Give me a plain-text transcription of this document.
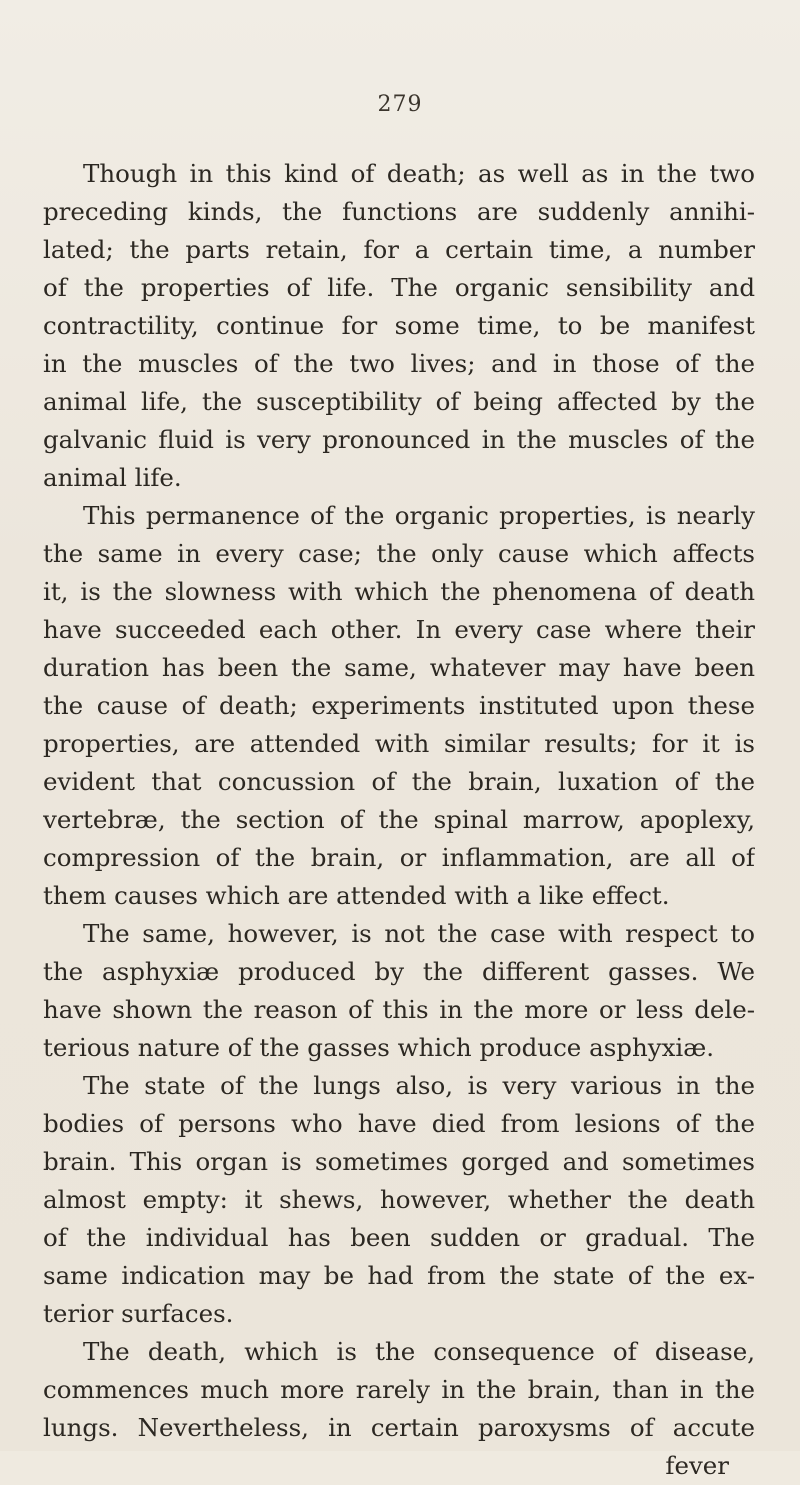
279
Though in this kind of death; as well as in the two
preceding kinds, the functions are suddenly annihi-
lated; the parts retain, for a certain time, a number
of the properties of life. The organic sensibility and
contractility, continue for some time, to be manifest
in the muscles of the two lives; and in those of the
animal life, the susceptibility of being affected by the
galvanic fluid is very pronounced in the muscles of the
animal life.
This permanence of the organic properties, is nearly
the same in every case; the only cause which affects
it, is the slowness with which the phenomena of death
have succeeded each other. In every case where their
duration has been the same, whatever may have been
the cause of death; experiments instituted upon these
properties, are attended with similar results; for it is
evident that concussion of the brain, luxation of the
vertebræ, the section of the spinal marrow, apoplexy,
compression of the brain, or inflammation, are all of
them causes which are attended with a like effect.
The same, however, is not the case with respect to
the asphyxiæ produced by the different gasses. We
have shown the reason of this in the more or less dele-
terious nature of the gasses which produce asphyxiæ.
The state of the lungs also, is very various in the
bodies of persons who have died from lesions of the
brain. This organ is sometimes gorged and sometimes
almost empty: it shews, however, whether the death
of the individual has been sudden or gradual. The
same indication may be had from the state of the ex-
terior surfaces.
The death, which is the consequence of disease,
commences much more rarely in the brain, than in the
lungs. Nevertheless, in certain paroxysms of accute
fever
